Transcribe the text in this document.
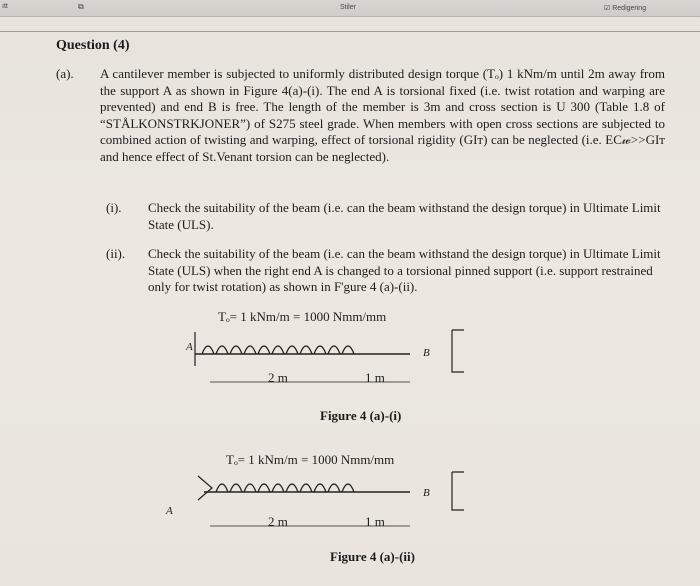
ıtt	⧉	Stiler	☑ Redigering
Question (4)
(a). A cantilever member is subjected to uniformly distributed design torque (Tₒ) 1 kNm/m until 2m away from the support A as shown in Figure 4(a)-(i). The end A is torsional fixed (i.e. twist rotation and warping are prevented) and end B is free. The length of the member is 3m and cross section is U 300 (Table 1.8 of “STÅLKONSTRKJONER”) of S275 steel grade. When members with open cross sections are subjected to combined action of twisting and warping, effect of torsional rigidity (GIᴛ) can be neglected (i.e. EC𝓌>>GIᴛ and hence effect of St.Venant torsion can be neglected).
(i). Check the suitability of the beam (i.e. can the beam withstand the design torque) in Ultimate Limit State (ULS).
(ii). Check the suitability of the beam (i.e. can the beam withstand the design torque) in Ultimate Limit State (ULS) when the right end A is changed to a torsional pinned support (i.e. support restrained only for twist rotation) as shown in F'gure 4 (a)-(ii).
Tₒ= 1 kNm/m = 1000 Nmm/mm
A	B
2 m	1 m
Figure 4 (a)-(i)
Tₒ= 1 kNm/m = 1000 Nmm/mm
A
B
2 m	1 m
Figure 4 (a)-(ii)
